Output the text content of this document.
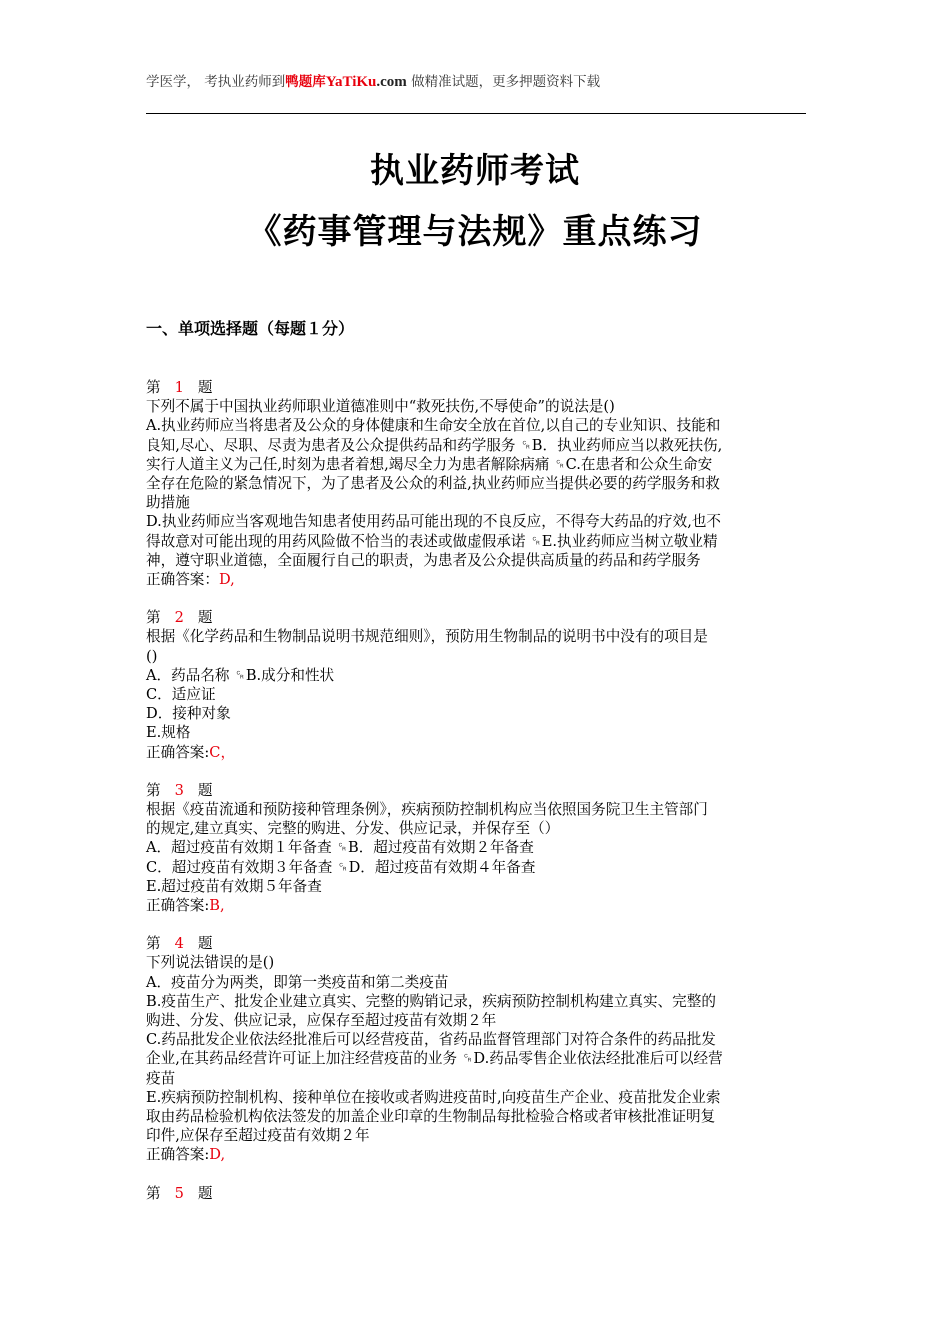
学医学， 考执业药师到鸭题库YaTiKu.com 做精准试题，更多押题资料下载
执业药师考试
《药事管理与法规》重点练习
一、单项选择题（每题１分）
第 1 题
下列不属于中国执业药师职业道德准则中“救死扶伤,不辱使命”的说法是()
A.执业药师应当将患者及公众的身体健康和生命安全放在首位,以自己的专业知识、技能和
良知,尽心、尽职、尽责为患者及公众提供药品和药学服务 ␍B．执业药师应当以救死扶伤,
实行人道主义为己任,时刻为患者着想,竭尽全力为患者解除病痛 ␍C.在患者和公众生命安
全存在危险的紧急情况下，为了患者及公众的利益,执业药师应当提供必要的药学服务和救
助措施
D.执业药师应当客观地告知患者使用药品可能出现的不良反应，不得夸大药品的疗效,也不
得故意对可能出现的用药风险做不恰当的表述或做虚假承诺 ␍E.执业药师应当树立敬业精
神，遵守职业道德，全面履行自己的职责，为患者及公众提供高质量的药品和药学服务
正确答案：D,
第 2 题
根据《化学药品和生物制品说明书规范细则》，预防用生物制品的说明书中没有的项目是
()
A．药品名称 ␍B.成分和性状
C．适应证
D．接种对象
E.规格
正确答案:C，
第 3 题
根据《疫苗流通和预防接种管理条例》，疾病预防控制机构应当依照国务院卫生主管部门
的规定,建立真实、完整的购进、分发、供应记录，并保存至（）
A．超过疫苗有效期１年备查 ␍B．超过疫苗有效期２年备查
C．超过疫苗有效期３年备查 ␍D．超过疫苗有效期４年备查
E.超过疫苗有效期５年备查
正确答案:B,
第 4 题
下列说法错误的是()
A．疫苗分为两类，即第一类疫苗和第二类疫苗
B.疫苗生产、批发企业建立真实、完整的购销记录，疾病预防控制机构建立真实、完整的
购进、分发、供应记录，应保存至超过疫苗有效期２年
C.药品批发企业依法经批准后可以经营疫苗，省药品监督管理部门对符合条件的药品批发
企业,在其药品经营许可证上加注经营疫苗的业务 ␍D.药品零售企业依法经批准后可以经营
疫苗
E.疾病预防控制机构、接种单位在接收或者购进疫苗时,向疫苗生产企业、疫苗批发企业索
取由药品检验机构依法签发的加盖企业印章的生物制品每批检验合格或者审核批准证明复
印件,应保存至超过疫苗有效期２年
正确答案:D,
第 5 题
